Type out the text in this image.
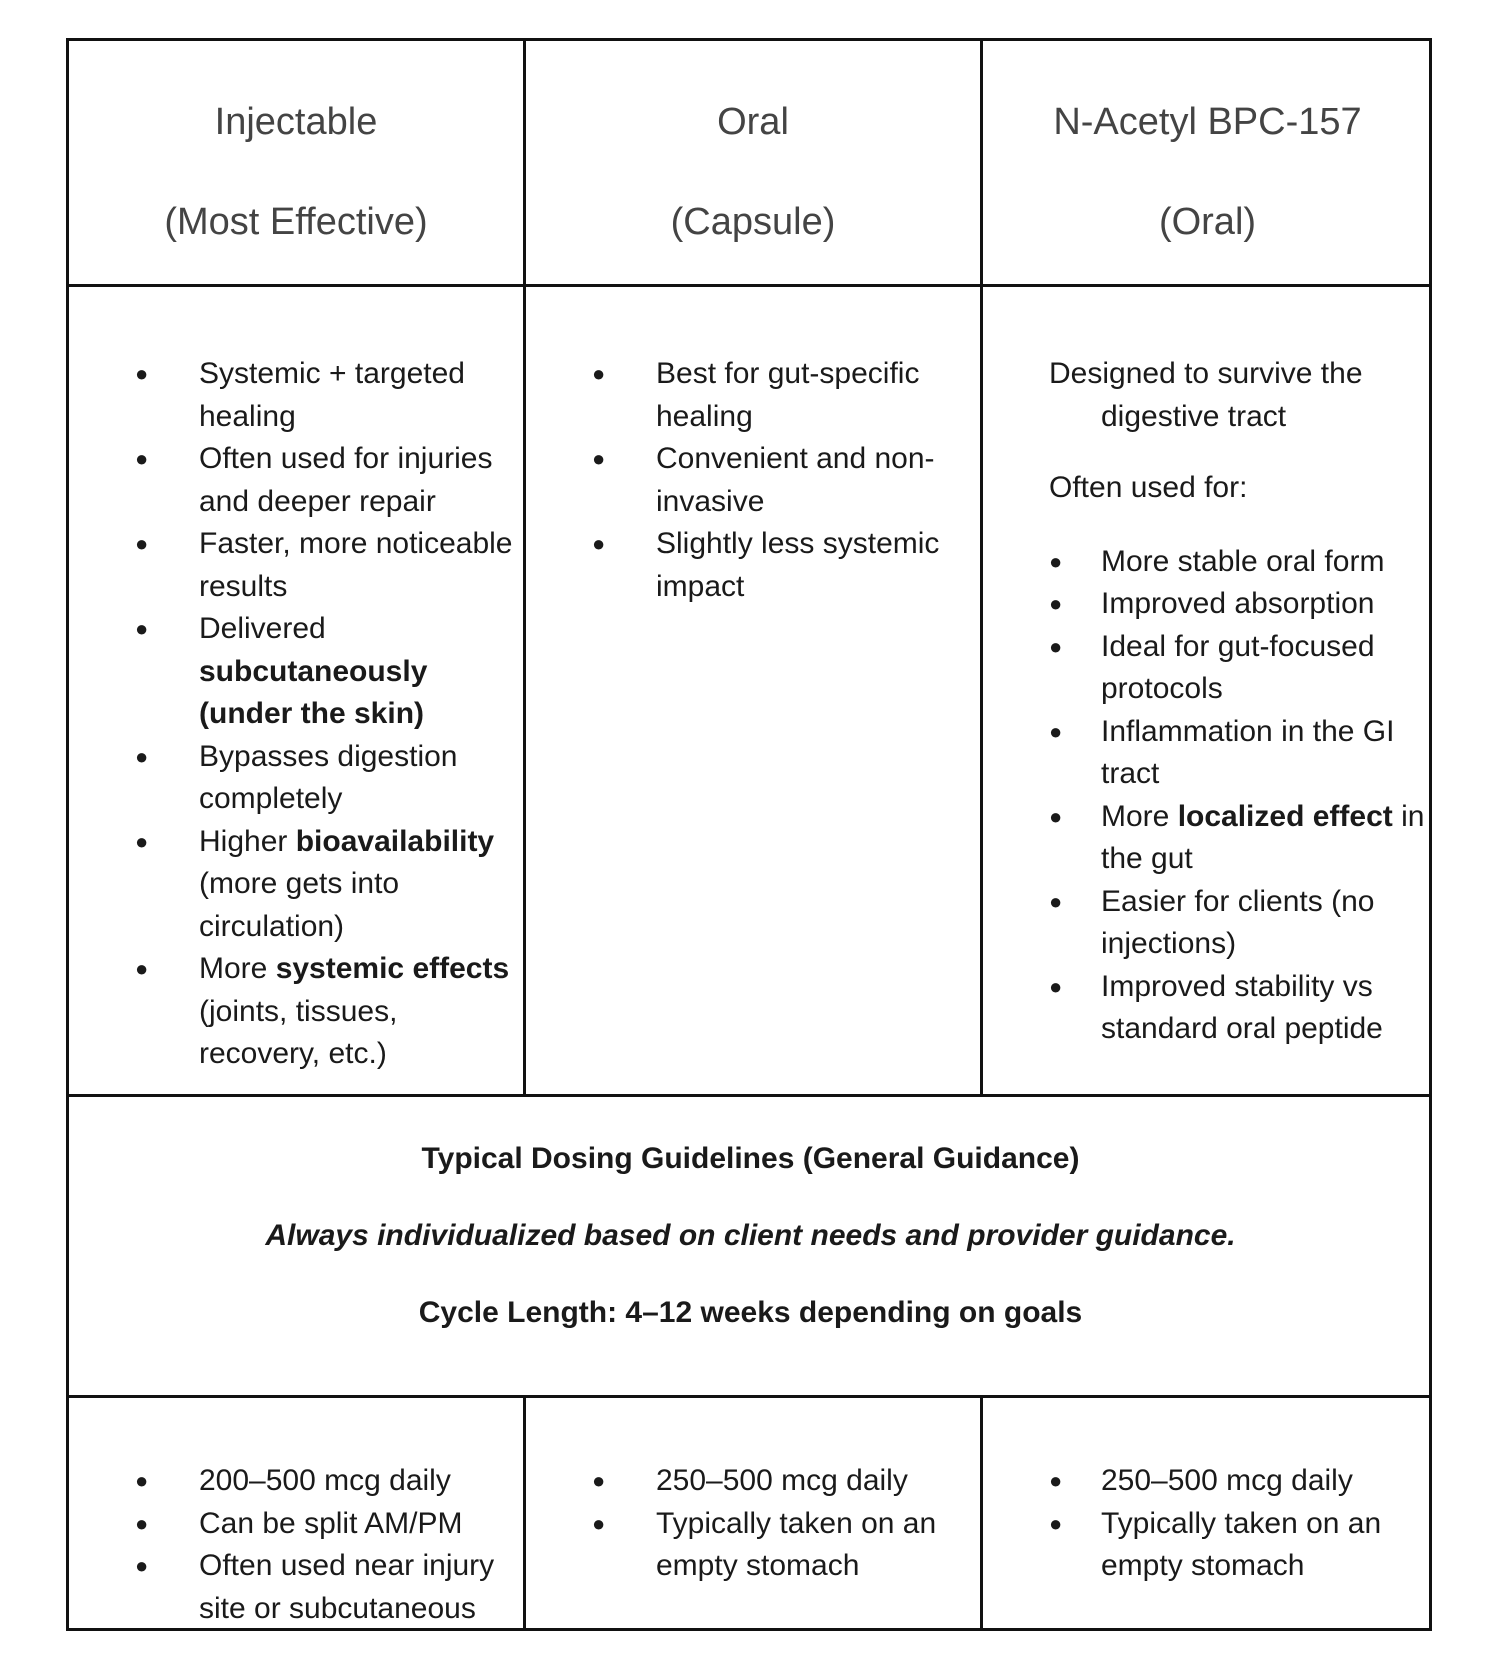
Injectable
(Most Effective)
Oral
(Capsule)
N-Acetyl BPC-157
(Oral)
● Systemic + targeted healing
● Often used for injuries and deeper repair
● Faster, more noticeable results
● Delivered subcutaneously (under the skin)
● Bypasses digestion completely
● Higher bioavailability (more gets into circulation)
● More systemic effects (joints, tissues, recovery, etc.)
● Best for gut-specific healing
● Convenient and non-invasive
● Slightly less systemic impact

Designed to survive the digestive tract

Often used for:

● More stable oral form
● Improved absorption
● Ideal for gut-focused protocols
● Inflammation in the GI tract
● More localized effect in the gut
● Easier for clients (no injections)
● Improved stability vs standard oral peptide
Typical Dosing Guidelines (General Guidance)
Always individualized based on client needs and provider guidance.
Cycle Length: 4–12 weeks depending on goals
● 200–500 mcg daily
● Can be split AM/PM
● Often used near injury site or subcutaneous
● 250–500 mcg daily
● Typically taken on an empty stomach
● 250–500 mcg daily
● Typically taken on an empty stomach
